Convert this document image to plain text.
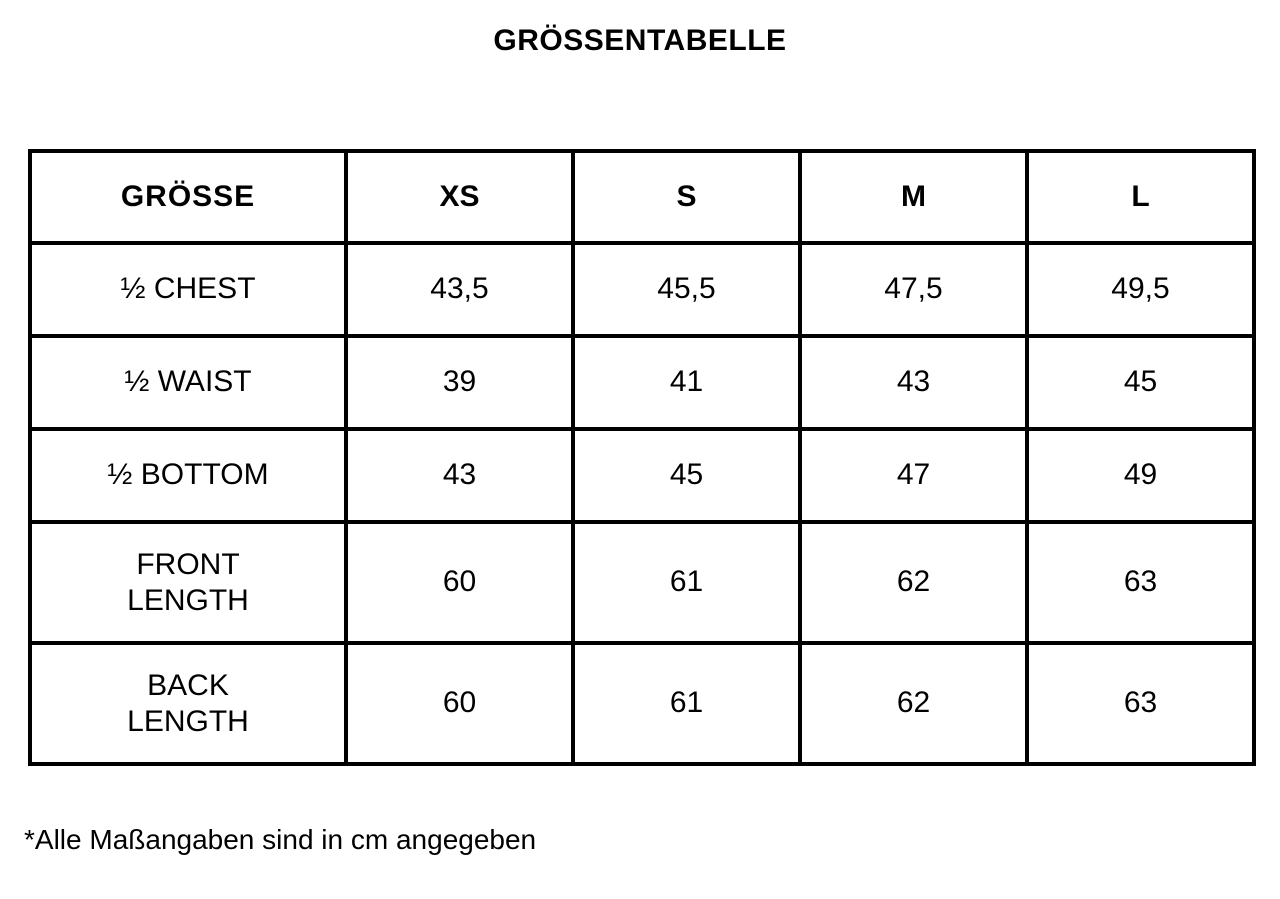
GRÖSSENTABELLE
GRÖSSE	XS	S	M	L
½ CHEST	43,5	45,5	47,5	49,5
½ WAIST	39	41	43	45
½ BOTTOM	43	45	47	49

FRONT
LENGTH	60	61	62	63

BACK
LENGTH	60	61	62	63
*Alle Maßangaben sind in cm angegeben
